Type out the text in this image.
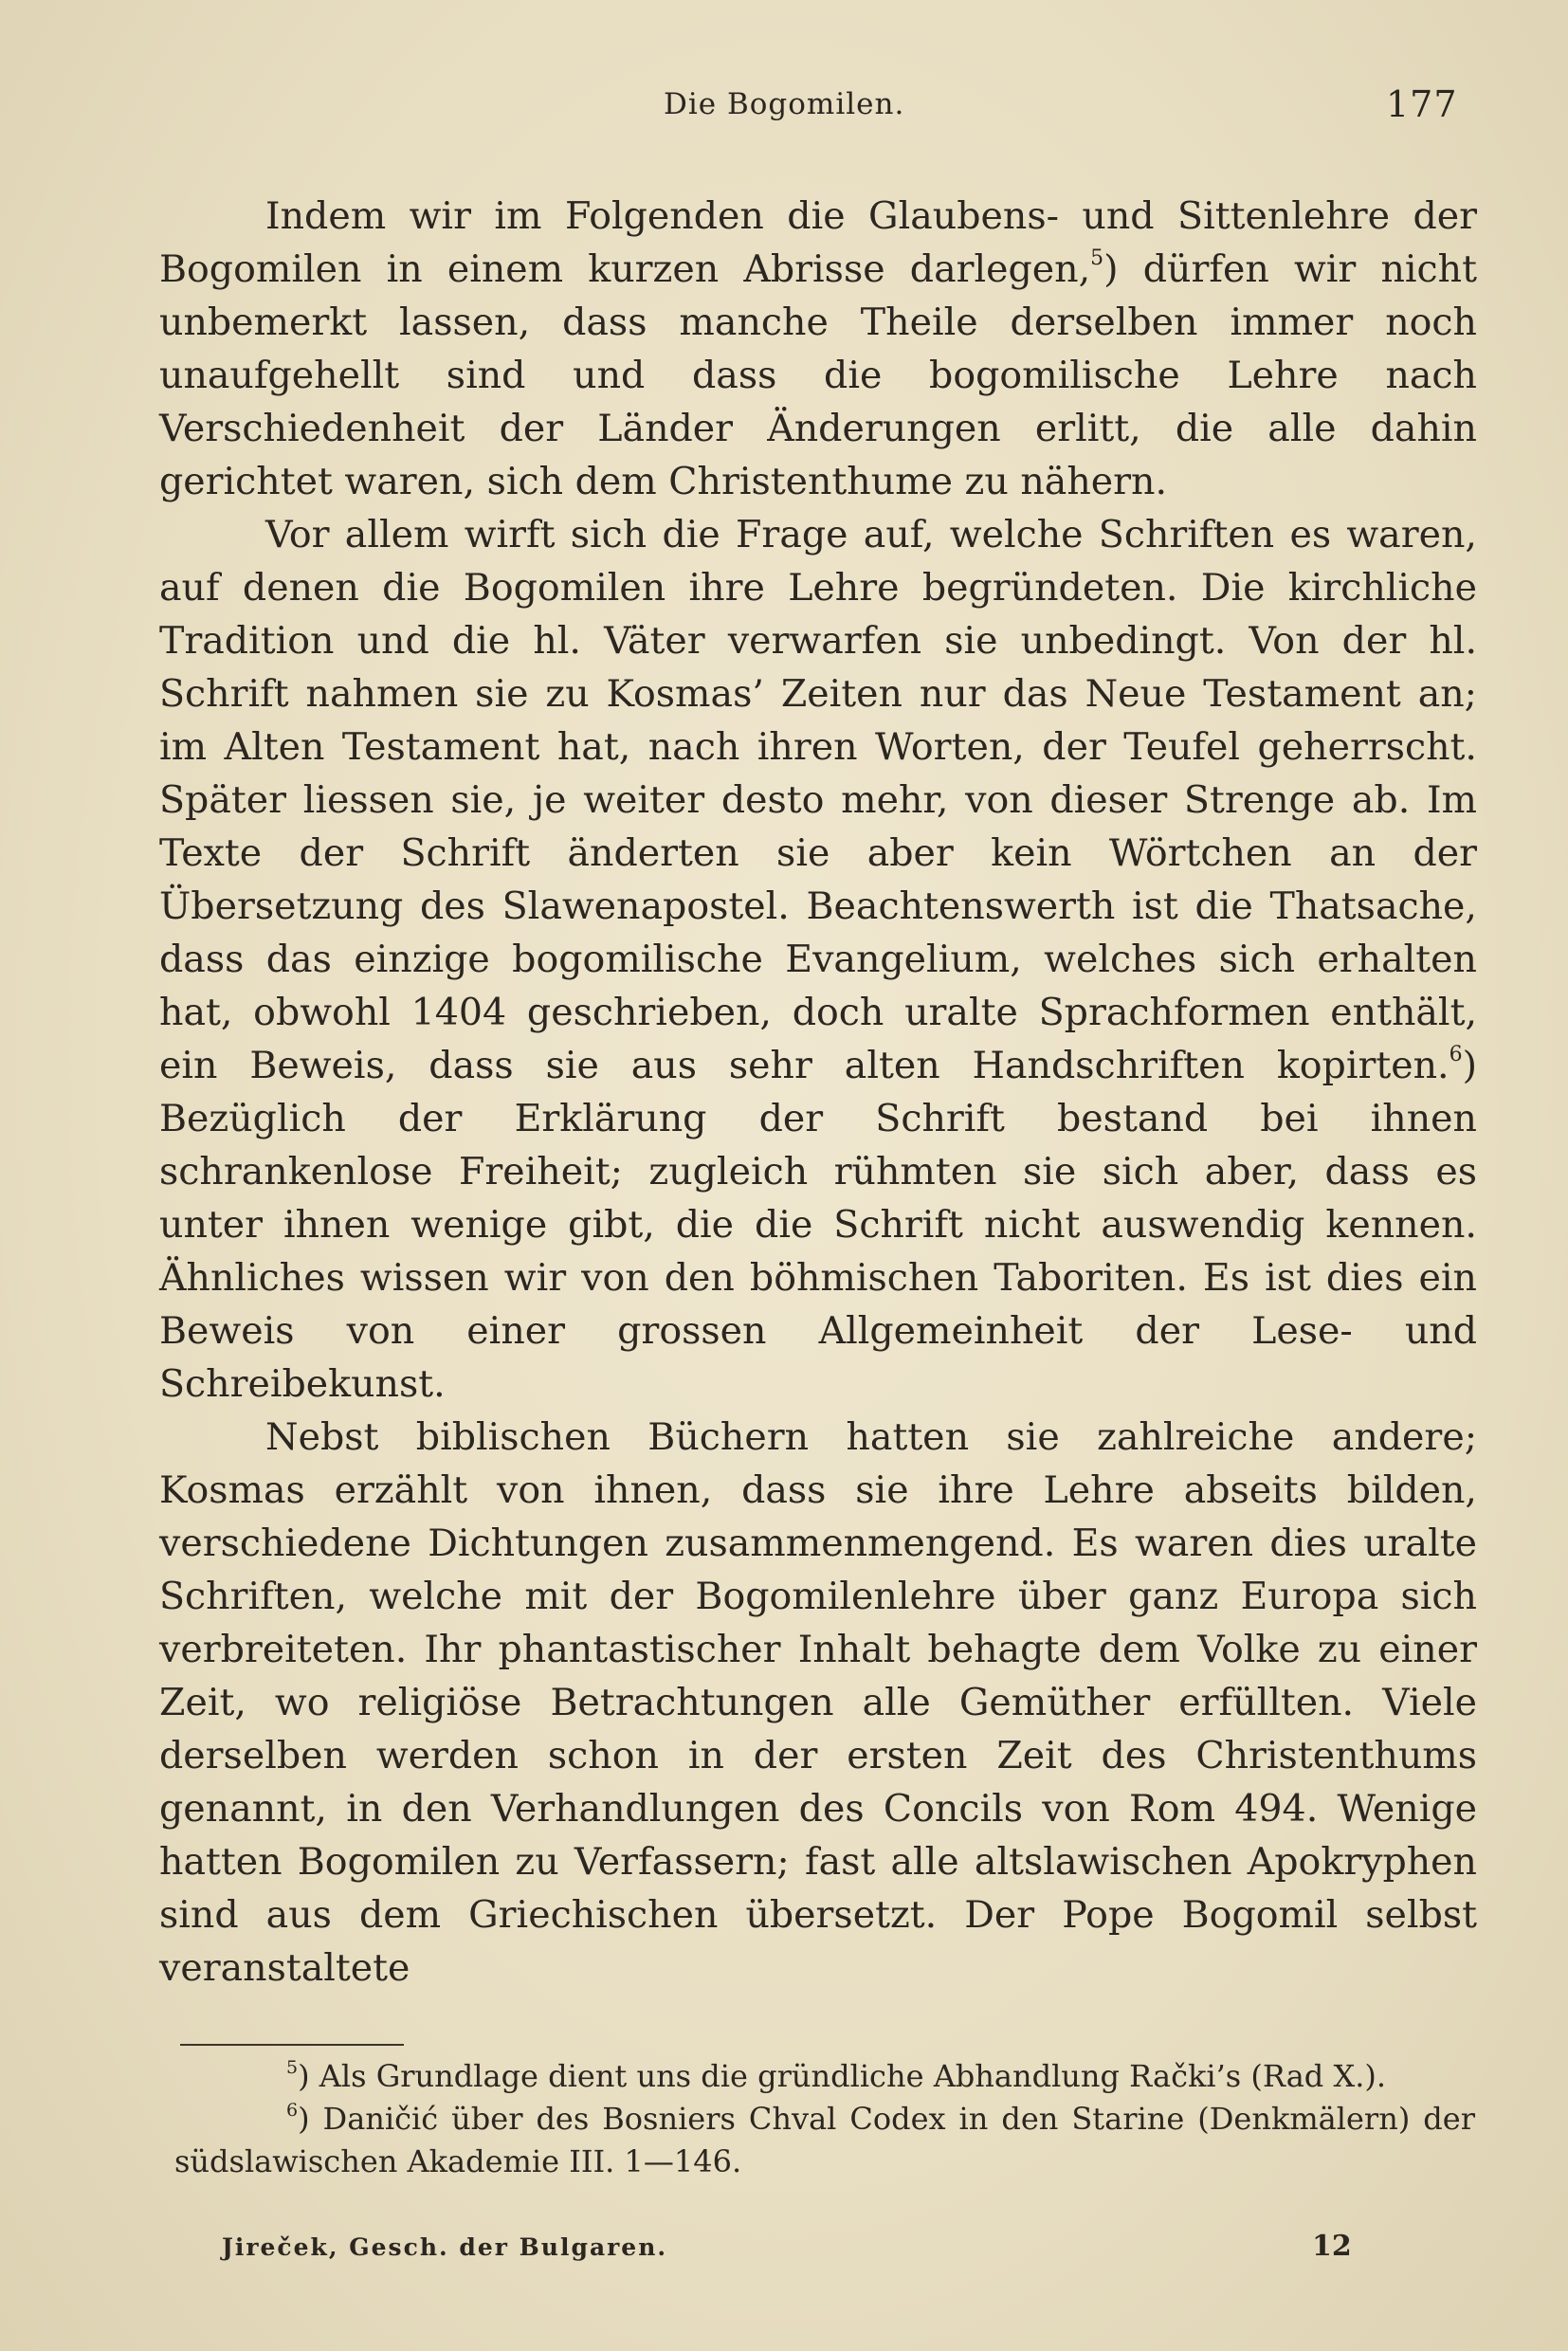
Die Bogomilen.	177

Indem wir im Folgenden die Glaubens- und Sittenlehre der Bogomilen in einem kurzen Abrisse darlegen,$^5$) dürfen wir nicht unbemerkt lassen, dass manche Theile derselben immer noch unaufgehellt sind und dass die bogomilische Lehre nach Verschiedenheit der Länder Änderungen erlitt, die alle dahin gerichtet waren, sich dem Christenthume zu nähern.

Vor allem wirft sich die Frage auf, welche Schriften es waren, auf denen die Bogomilen ihre Lehre begründeten. Die kirchliche Tradition und die hl. Väter verwarfen sie unbedingt. Von der hl. Schrift nahmen sie zu Kosmas’ Zeiten nur das Neue Testament an; im Alten Testament hat, nach ihren Worten, der Teufel geherrscht. Später liessen sie, je weiter desto mehr, von dieser Strenge ab. Im Texte der Schrift änderten sie aber kein Wörtchen an der Übersetzung des Slawenapostel. Beachtenswerth ist die Thatsache, dass das einzige bogomilische Evangelium, welches sich erhalten hat, obwohl 1404 geschrieben, doch uralte Sprachformen enthält, ein Beweis, dass sie aus sehr alten Handschriften kopirten.$^6$) Bezüglich der Erklärung der Schrift bestand bei ihnen schrankenlose Freiheit; zugleich rühmten sie sich aber, dass es unter ihnen wenige gibt, die die Schrift nicht auswendig kennen. Ähnliches wissen wir von den böhmischen Taboriten. Es ist dies ein Beweis von einer grossen Allgemeinheit der Lese- und Schreibekunst.

Nebst biblischen Büchern hatten sie zahlreiche andere; Kosmas erzählt von ihnen, dass sie ihre Lehre abseits bilden, verschiedene Dichtungen zusammenmengend. Es waren dies uralte Schriften, welche mit der Bogomilenlehre über ganz Europa sich verbreiteten. Ihr phantastischer Inhalt behagte dem Volke zu einer Zeit, wo religiöse Betrachtungen alle Gemüther erfüllten. Viele derselben werden schon in der ersten Zeit des Christenthums genannt, in den Verhandlungen des Concils von Rom 494. Wenige hatten Bogomilen zu Verfassern; fast alle altslawischen Apokryphen sind aus dem Griechischen übersetzt. Der Pope Bogomil selbst veranstaltete

$^5$) Als Grundlage dient uns die gründliche Abhandlung Rački’s (Rad X.).

$^6$) Daničić über des Bosniers Chval Codex in den Starine (Denkmälern) der südslawischen Akademie III. 1—146.

Jireček, Gesch. der Bulgaren.	12
